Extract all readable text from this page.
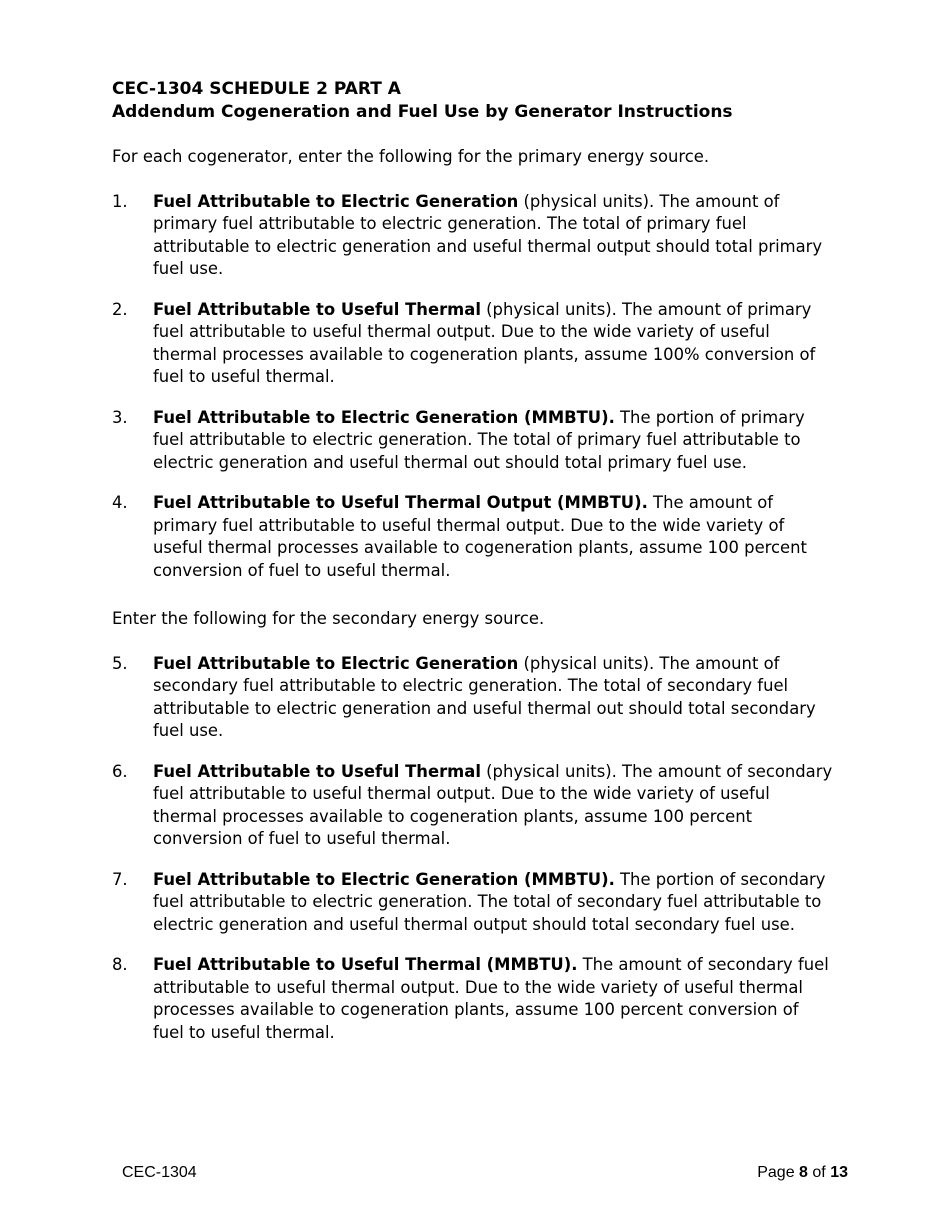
CEC-1304 SCHEDULE 2 PART A

Addendum Cogeneration and Fuel Use by Generator Instructions

For each cogenerator, enter the following for the primary energy source.

1. Fuel Attributable to Electric Generation (physical units). The amount of primary fuel attributable to electric generation. The total of primary fuel attributable to electric generation and useful thermal output should total primary fuel use.
2. Fuel Attributable to Useful Thermal (physical units). The amount of primary fuel attributable to useful thermal output. Due to the wide variety of useful thermal processes available to cogeneration plants, assume 100% conversion of fuel to useful thermal.
3. Fuel Attributable to Electric Generation (MMBTU). The portion of primary fuel attributable to electric generation. The total of primary fuel attributable to electric generation and useful thermal out should total primary fuel use.
4. Fuel Attributable to Useful Thermal Output (MMBTU). The amount of primary fuel attributable to useful thermal output. Due to the wide variety of useful thermal processes available to cogeneration plants, assume 100 percent conversion of fuel to useful thermal.

Enter the following for the secondary energy source.

5. Fuel Attributable to Electric Generation (physical units). The amount of secondary fuel attributable to electric generation. The total of secondary fuel attributable to electric generation and useful thermal out should total secondary fuel use.
6. Fuel Attributable to Useful Thermal (physical units). The amount of secondary fuel attributable to useful thermal output. Due to the wide variety of useful thermal processes available to cogeneration plants, assume 100 percent conversion of fuel to useful thermal.
7. Fuel Attributable to Electric Generation (MMBTU). The portion of secondary fuel attributable to electric generation. The total of secondary fuel attributable to electric generation and useful thermal output should total secondary fuel use.
8. Fuel Attributable to Useful Thermal (MMBTU). The amount of secondary fuel attributable to useful thermal output. Due to the wide variety of useful thermal processes available to cogeneration plants, assume 100 percent conversion of fuel to useful thermal.
CEC-1304	Page 8 of 13
